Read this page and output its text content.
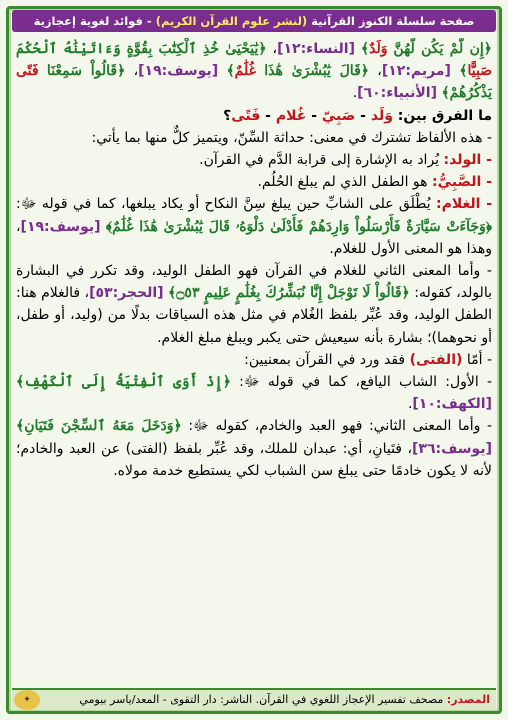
صفحة سلسلة الكنوز القرآنية (لنشر علوم القرآن الكريم) - فوائد لغوية إعجازية

﴿إِن لَّمْ يَكُن لَّهُنَّ وَلَدٌ﴾ [النساء:١٢]، ﴿يَٰيَحْيَىٰ خُذِ ٱلْكِتَٰبَ بِقُوَّةٍ وَءَاتَيْنَٰهُ ٱلْحُكْمَ صَبِيًّا﴾ [مريم:١٢]، ﴿قَالَ يَٰبُشْرَىٰ هَٰذَا غُلَٰمٌ﴾ [يوسف:١٩]، ﴿قَالُواْ سَمِعْنَا فَتًى يَذْكُرُهُمْ﴾ [الأنبياء:٦٠].

ما الفرق بين: وَلَد - صَبِيّ - غُلام - فَتًى؟

- هذه الألفاظ تشترك في معنى: حداثة السِّنّ، ويتميز كلٌّ منها بما يأتي:

- الولد: يُراد به الإشارة إلى قرابة الدَّم في القرآن.

- الصَّبِيُّ: هو الطفل الذي لم يبلغ الحُلُم.

- الغلام: يُطْلَق على الشابِّ حين يبلغ سِنَّ النكاح أو يكاد يبلغها، كما في قوله ﷻ: ﴿وَجَآءَتْ سَيَّارَةٌ فَأَرْسَلُواْ وَارِدَهُمْ فَأَدْلَىٰ دَلْوَهُۥ قَالَ يَٰبُشْرَىٰ هَٰذَا غُلَٰمٌ﴾ [يوسف:١٩]، وهذا هو المعنى الأول للغلام.

- وأما المعنى الثاني للغلام في القرآن فهو الطفل الوليد، وقد تكرر في البشارة بالولد، كقوله: ﴿قَالُواْ لَا تَوْجَلْ إِنَّا نُبَشِّرُكَ بِغُلَٰمٍ عَلِيمٍ ۝٥٣﴾ [الحجر:٥٣]، فالغلام هنا: الطفل الوليد، وقد عُبِّر بلفظ الغُلام في مثل هذه السياقات بدلًا من (وليد، أو طفل، أو نحوهما)؛ بشارة بأنه سيعيش حتى يكبر ويبلغ مبلغ الغلام.

- أمّا (الفتى) فقد ورد في القرآن بمعنيين:

- الأول: الشاب اليافع، كما في قوله ﷻ: ﴿إِذْ أَوَى ٱلْفِتْيَةُ إِلَى ٱلْكَهْفِ﴾ [الكهف:١٠].

- وأما المعنى الثاني: فهو العبد والخادم، كقوله ﷻ: ﴿وَدَخَلَ مَعَهُ ٱلسِّجْنَ فَتَيَانِ﴾ [يوسف:٣٦]، فتَيانِ، أي: عبدان للملك، وقد عُبِّر بلفظ (الفتى) عن العبد والخادم؛ لأنه لا يكون خادمًا حتى يبلغ سن الشباب لكي يستطيع خدمة مولاه.

المصدر: مصحف تفسير الإعجاز اللغوي في القرآن. الناشر: دار التقوى - المعد/ياسر بيومي
✦
